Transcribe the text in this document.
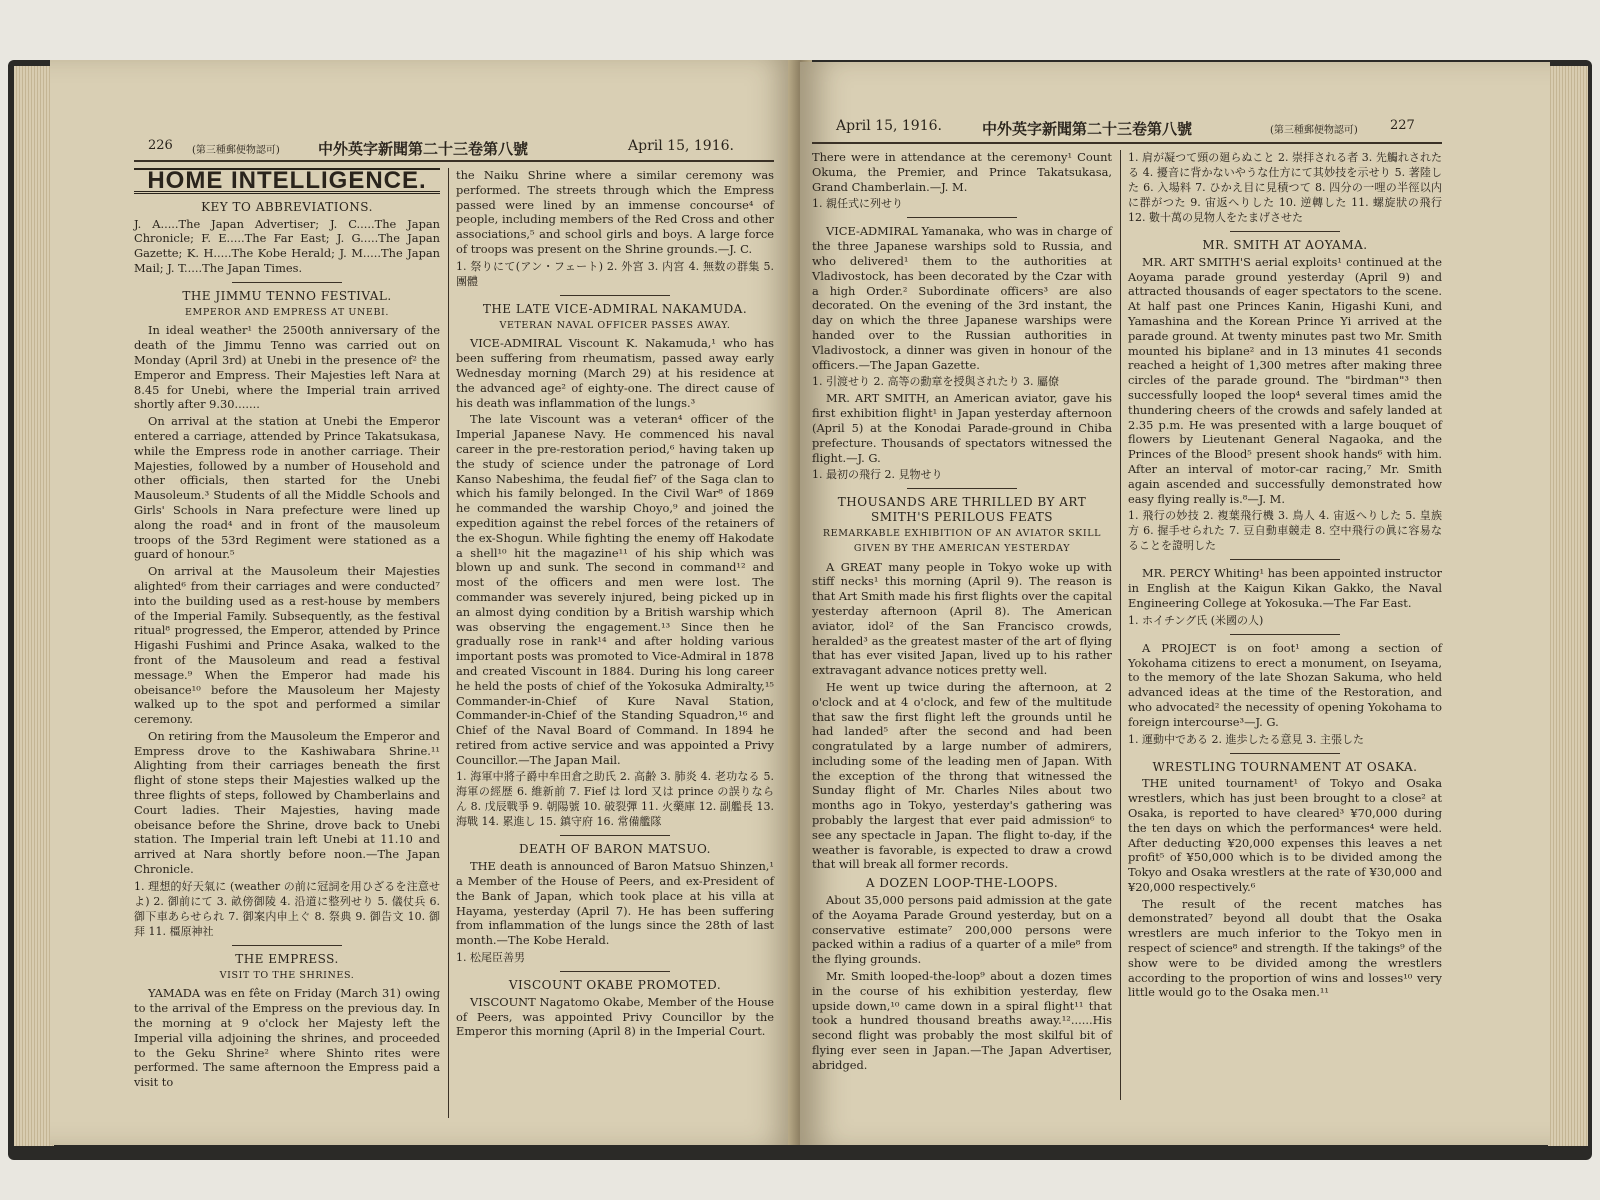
226 (第三種郵便物認可)	中外英字新聞第二十三卷第八號	April 15, 1916.
HOME INTELLIGENCE.
KEY TO ABBREVIATIONS.

J. A.....The Japan Advertiser; J. C.....The Japan Chronicle; F. E.....The Far East; J. G.....The Japan Gazette; K. H.....The Kobe Herald; J. M.....The Japan Mail; J. T.....The Japan Times.

THE JIMMU TENNO FESTIVAL.
EMPEROR AND EMPRESS AT UNEBI.

In ideal weather¹ the 2500th anniversary of the death of the Jimmu Tenno was carried out on Monday (April 3rd) at Unebi in the presence of² the Emperor and Empress. Their Majesties left Nara at 8.45 for Unebi, where the Imperial train arrived shortly after 9.30.......

On arrival at the station at Unebi the Emperor entered a carriage, attended by Prince Takatsukasa, while the Empress rode in another carriage. Their Majesties, followed by a number of Household and other officials, then started for the Unebi Mausoleum.³ Students of all the Middle Schools and Girls' Schools in Nara prefecture were lined up along the road⁴ and in front of the mausoleum troops of the 53rd Regiment were stationed as a guard of honour.⁵

On arrival at the Mausoleum their Majesties alighted⁶ from their carriages and were conducted⁷ into the building used as a rest-house by members of the Imperial Family. Subsequently, as the festival ritual⁸ progressed, the Emperor, attended by Prince Higashi Fushimi and Prince Asaka, walked to the front of the Mausoleum and read a festival message.⁹ When the Emperor had made his obeisance¹⁰ before the Mausoleum her Majesty walked up to the spot and performed a similar ceremony.

On retiring from the Mausoleum the Emperor and Empress drove to the Kashiwabara Shrine.¹¹ Alighting from their carriages beneath the first flight of stone steps their Majesties walked up the three flights of steps, followed by Chamberlains and Court ladies. Their Majesties, having made obeisance before the Shrine, drove back to Unebi station. The Imperial train left Unebi at 11.10 and arrived at Nara shortly before noon.—The Japan Chronicle.

1. 理想的好天氣に (weather の前に冠詞を用ひざるを注意せよ) 2. 御前にて 3. 畝傍御陵 4. 沿道に整列せり 5. 儀仗兵 6. 御下車あらせられ 7. 御案内申上ぐ 8. 祭典 9. 御告文 10. 御拜 11. 橿原神社

THE EMPRESS.
VISIT TO THE SHRINES.

YAMADA was en fête on Friday (March 31) owing to the arrival of the Empress on the previous day. In the morning at 9 o'clock her Majesty left the Imperial villa adjoining the shrines, and proceeded to the Geku Shrine² where Shinto rites were performed. The same afternoon the Empress paid a visit to

the Naiku Shrine where a similar ceremony was performed. The streets through which the Empress passed were lined by an immense concourse⁴ of people, including members of the Red Cross and other associations,⁵ and school girls and boys. A large force of troops was present on the Shrine grounds.—J. C.

1. 祭りにて(アン・フェート) 2. 外宮 3. 内宮 4. 無数の群集 5. 團體

THE LATE VICE-ADMIRAL NAKAMUDA.
VETERAN NAVAL OFFICER PASSES AWAY.

VICE-ADMIRAL Viscount K. Nakamuda,¹ who has been suffering from rheumatism, passed away early Wednesday morning (March 29) at his residence at the advanced age² of eighty-one. The direct cause of his death was inflammation of the lungs.³

The late Viscount was a veteran⁴ officer of the Imperial Japanese Navy. He commenced his naval career in the pre-restoration period,⁶ having taken up the study of science under the patronage of Lord Kanso Nabeshima, the feudal fief⁷ of the Saga clan to which his family belonged. In the Civil War⁸ of 1869 he commanded the warship Choyo,⁹ and joined the expedition against the rebel forces of the retainers of the ex-Shogun. While fighting the enemy off Hakodate a shell¹⁰ hit the magazine¹¹ of his ship which was blown up and sunk. The second in command¹² and most of the officers and men were lost. The commander was severely injured, being picked up in an almost dying condition by a British warship which was observing the engagement.¹³ Since then he gradually rose in rank¹⁴ and after holding various important posts was promoted to Vice-Admiral in 1878 and created Viscount in 1884. During his long career he held the posts of chief of the Yokosuka Admiralty,¹⁵ Commander-in-Chief of Kure Naval Station, Commander-in-Chief of the Standing Squadron,¹⁶ and Chief of the Naval Board of Command. In 1894 he retired from active service and was appointed a Privy Councillor.—The Japan Mail.

1. 海軍中將子爵中牟田倉之助氏 2. 高齢 3. 肺炎 4. 老功なる 5. 海軍の經歴 6. 維新前 7. Fief は lord 又は prince の誤りならん 8. 戊辰戰爭 9. 朝陽號 10. 破裂彈 11. 火藥庫 12. 副艦長 13. 海戰 14. 累進し 15. 鎮守府 16. 常備艦隊

DEATH OF BARON MATSUO.

THE death is announced of Baron Matsuo Shinzen,¹ a Member of the House of Peers, and ex-President of the Bank of Japan, which took place at his villa at Hayama, yesterday (April 7). He has been suffering from inflammation of the lungs since the 28th of last month.—The Kobe Herald.

1. 松尾臣善男

VISCOUNT OKABE PROMOTED.

VISCOUNT Nagatomo Okabe, Member of the House of Peers, was appointed Privy Councillor by the Emperor this morning (April 8) in the Imperial Court.

April 15, 1916.	中外英字新聞第二十三卷第八號	(第三種郵便物認可) 227

There were in attendance at the ceremony¹ Count Okuma, the Premier, and Prince Takatsukasa, Grand Chamberlain.—J. M.

1. 親任式に列せり

VICE-ADMIRAL Yamanaka, who was in charge of the three Japanese warships sold to Russia, and who delivered¹ them to the authorities at Vladivostock, has been decorated by the Czar with a high Order.² Subordinate officers³ are also decorated. On the evening of the 3rd instant, the day on which the three Japanese warships were handed over to the Russian authorities in Vladivostock, a dinner was given in honour of the officers.—The Japan Gazette.

1. 引渡せり 2. 高等の勳章を授與されたり 3. 屬僚

MR. ART SMITH, an American aviator, gave his first exhibition flight¹ in Japan yesterday afternoon (April 5) at the Konodai Parade-ground in Chiba prefecture. Thousands of spectators witnessed the flight.—J. G.

1. 最初の飛行 2. 見物せり

THOUSANDS ARE THRILLED BY ART SMITH'S PERILOUS FEATS
REMARKABLE EXHIBITION OF AN AVIATOR SKILL GIVEN BY THE AMERICAN YESTERDAY

A GREAT many people in Tokyo woke up with stiff necks¹ this morning (April 9). The reason is that Art Smith made his first flights over the capital yesterday afternoon (April 8). The American aviator, idol² of the San Francisco crowds, heralded³ as the greatest master of the art of flying that has ever visited Japan, lived up to his rather extravagant advance notices pretty well.

He went up twice during the afternoon, at 2 o'clock and at 4 o'clock, and few of the multitude that saw the first flight left the grounds until he had landed⁵ after the second and had been congratulated by a large number of admirers, including some of the leading men of Japan. With the exception of the throng that witnessed the Sunday flight of Mr. Charles Niles about two months ago in Tokyo, yesterday's gathering was probably the largest that ever paid admission⁶ to see any spectacle in Japan. The flight to-day, if the weather is favorable, is expected to draw a crowd that will break all former records.

A DOZEN LOOP-THE-LOOPS.

About 35,000 persons paid admission at the gate of the Aoyama Parade Ground yesterday, but on a conservative estimate⁷ 200,000 persons were packed within a radius of a quarter of a mile⁸ from the flying grounds.

Mr. Smith looped-the-loop⁹ about a dozen times in the course of his exhibition yesterday, flew upside down,¹⁰ came down in a spiral flight¹¹ that took a hundred thousand breaths away.¹²......His second flight was probably the most skilful bit of flying ever seen in Japan.—The Japan Advertiser, abridged.

1. 肩が凝つて頸の廻らぬこと 2. 崇拝される者 3. 先觸れされたる 4. 擾音に背かないやうな仕方にて其妙技を示せり 5. 著陸した 6. 入場料 7. ひかえ目に見積つて 8. 四分の一哩の半徑以内に群がつた 9. 宙返へりした 10. 逆轉した 11. 螺旋狀の飛行 12. 數十萬の見物人をたまげさせた

MR. SMITH AT AOYAMA.

MR. ART SMITH'S aerial exploits¹ continued at the Aoyama parade ground yesterday (April 9) and attracted thousands of eager spectators to the scene. At half past one Princes Kanin, Higashi Kuni, and Yamashina and the Korean Prince Yi arrived at the parade ground. At twenty minutes past two Mr. Smith mounted his biplane² and in 13 minutes 41 seconds reached a height of 1,300 metres after making three circles of the parade ground. The "birdman"³ then successfully looped the loop⁴ several times amid the thundering cheers of the crowds and safely landed at 2.35 p.m. He was presented with a large bouquet of flowers by Lieutenant General Nagaoka, and the Princes of the Blood⁵ present shook hands⁶ with him. After an interval of motor-car racing,⁷ Mr. Smith again ascended and successfully demonstrated how easy flying really is.⁸—J. M.

1. 飛行の妙技 2. 複葉飛行機 3. 鳥人 4. 宙返へりした 5. 皇族方 6. 握手せられた 7. 豆自動車競走 8. 空中飛行の眞に容易なることを證明した

MR. PERCY Whiting¹ has been appointed instructor in English at the Kaigun Kikan Gakko, the Naval Engineering College at Yokosuka.—The Far East.

1. ホイチング氏 (米國の人)

A PROJECT is on foot¹ among a section of Yokohama citizens to erect a monument, on Iseyama, to the memory of the late Shozan Sakuma, who held advanced ideas at the time of the Restoration, and who advocated² the necessity of opening Yokohama to foreign intercourse³—J. G.

1. 運動中である 2. 進歩したる意見 3. 主張した

WRESTLING TOURNAMENT AT OSAKA.

THE united tournament¹ of Tokyo and Osaka wrestlers, which has just been brought to a close² at Osaka, is reported to have cleared³ ¥70,000 during the ten days on which the performances⁴ were held. After deducting ¥20,000 expenses this leaves a net profit⁵ of ¥50,000 which is to be divided among the Tokyo and Osaka wrestlers at the rate of ¥30,000 and ¥20,000 respectively.⁶

The result of the recent matches has demonstrated⁷ beyond all doubt that the Osaka wrestlers are much inferior to the Tokyo men in respect of science⁸ and strength. If the takings⁹ of the show were to be divided among the wrestlers according to the proportion of wins and losses¹⁰ very little would go to the Osaka men.¹¹
